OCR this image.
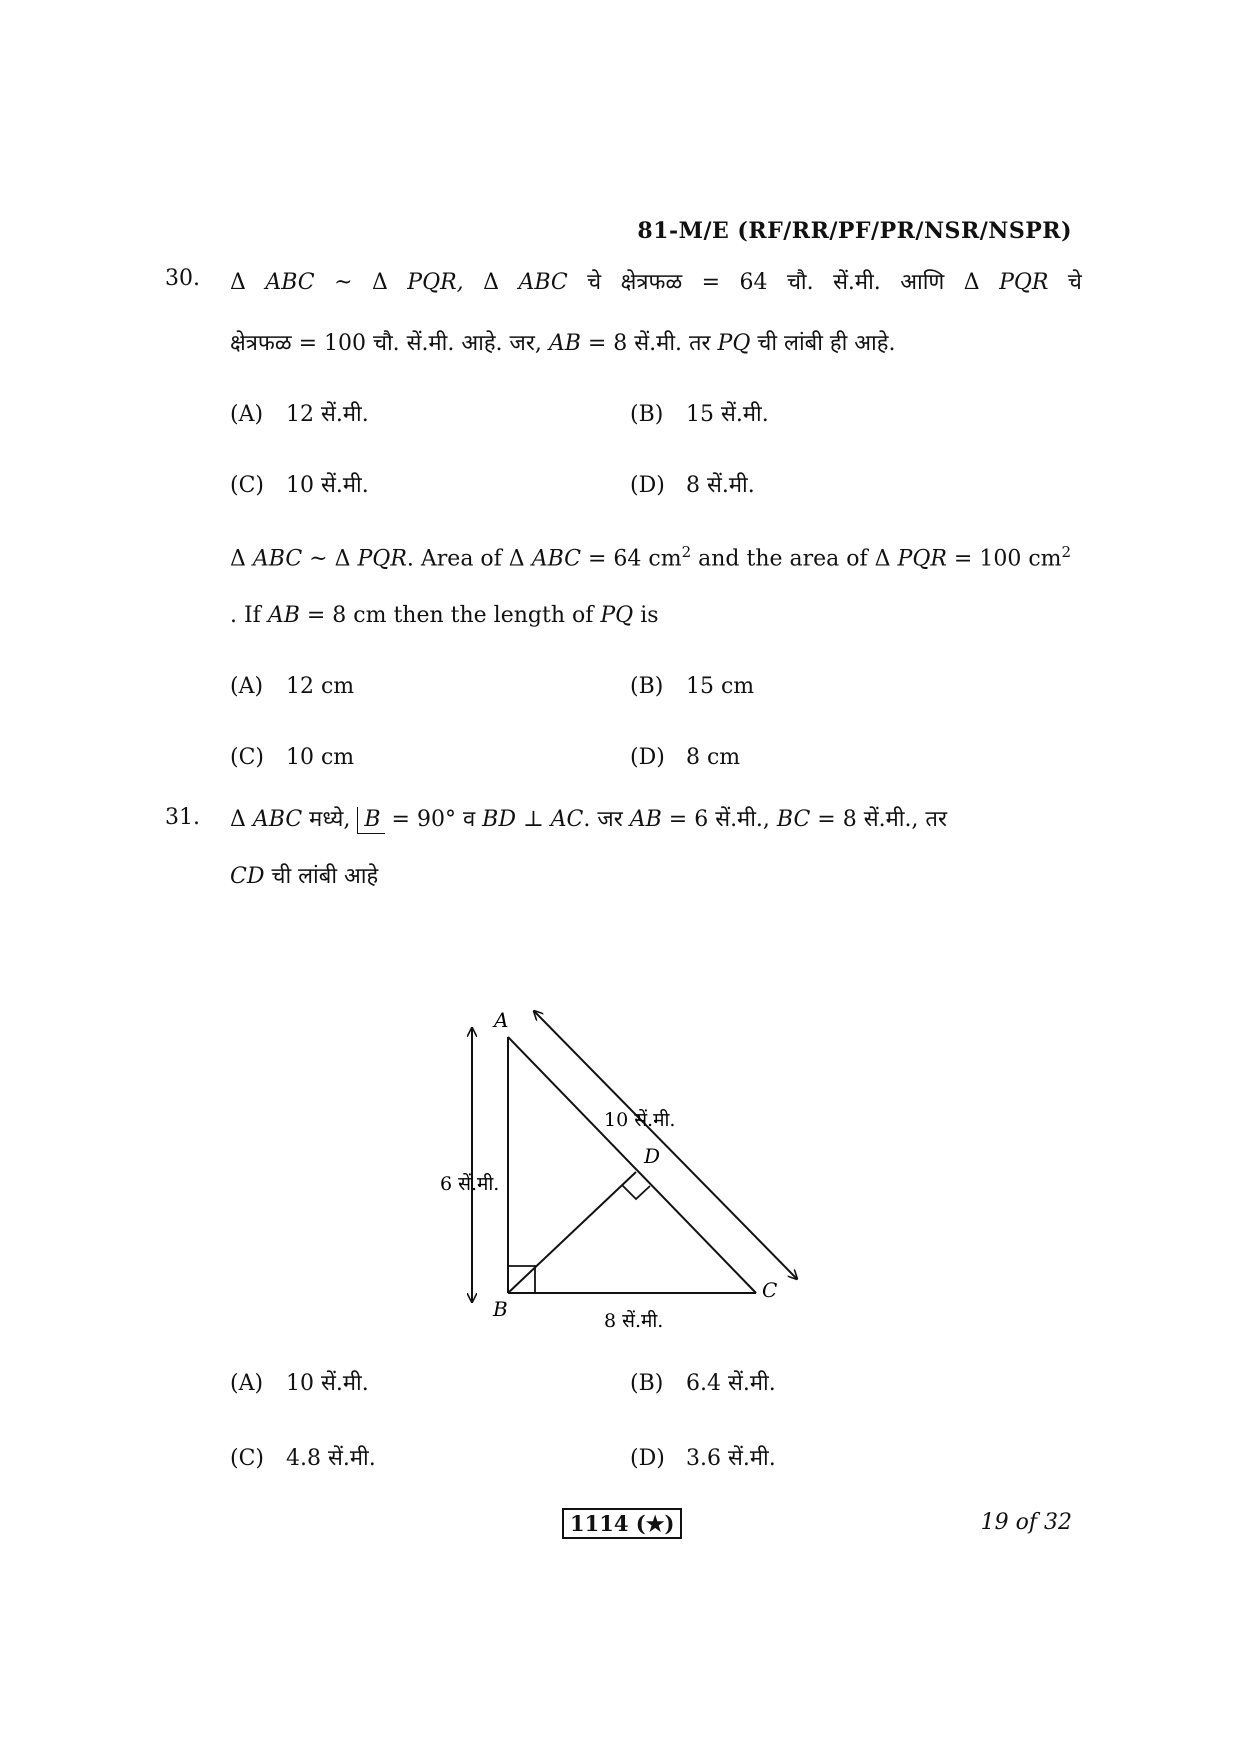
81-M/E (RF/RR/PF/PR/NSR/NSPR)
30. Δ ABC ~ Δ PQR, Δ ABC चे क्षेत्रफळ = 64 चौ. सें.मी. आणि Δ PQR चे
क्षेत्रफळ = 100 चौ. सें.मी. आहे. जर, AB = 8 सें.मी. तर PQ ची लांबी ही आहे.
(A) 12 सें.मी.	(B) 15 सें.मी.
(C) 10 सें.मी.	(D) 8 सें.मी.
Δ ABC ~ Δ PQR. Area of Δ ABC = 64 $cm^2$ and the area of Δ PQR = 100 $cm^2$
. If AB = 8 cm then the length of PQ is
(A) 12 cm	(B) 15 cm
(C) 10 cm	(D) 8 cm
31. Δ ABC मध्ये, B = 90° व BD ⊥ AC. जर AB = 6 सें.मी., BC = 8 सें.मी., तर
CD ची लांबी आहे
A
B
C
D
6 सें.मी.
8 सें.मी.
10 सें.मी.
(A) 10 सें.मी.	(B) 6.4 सें.मी.
(C) 4.8 सें.मी.	(D) 3.6 सें.मी.
1114 (★)	19 of 32
